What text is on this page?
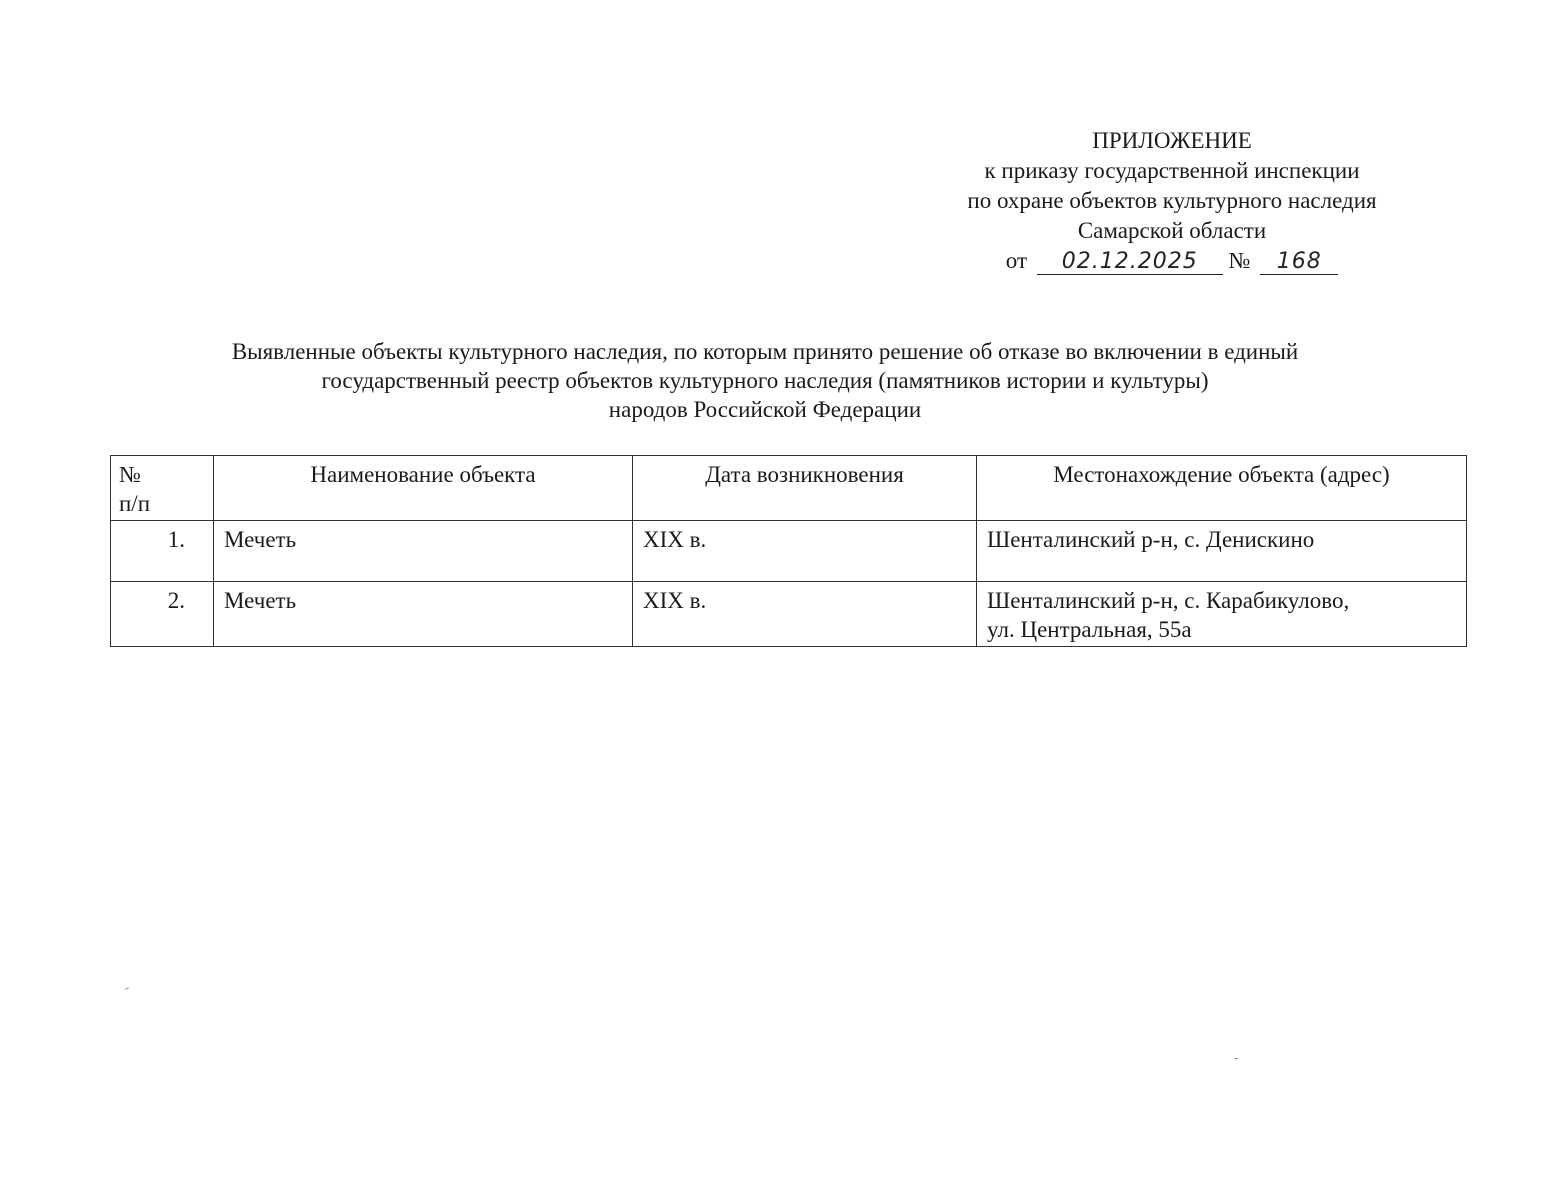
ПРИЛОЖЕНИЕ
к приказу государственной инспекции
по охране объектов культурного наследия
Самарской области
от 02.12.2025 № 168
Выявленные объекты культурного наследия, по которым принято решение об отказе во включении в единый
государственный реестр объектов культурного наследия (памятников истории и культуры)
народов Российской Федерации
№
п/п	Наименование объекта	Дата возникновения	Местонахождение объекта (адрес)
1.	Мечеть	XIX в.	Шенталинский р-н, с. Денискино
2.	Мечеть	XIX в.	Шенталинский р-н, с. Карабикулово,
ул. Центральная, 55а
